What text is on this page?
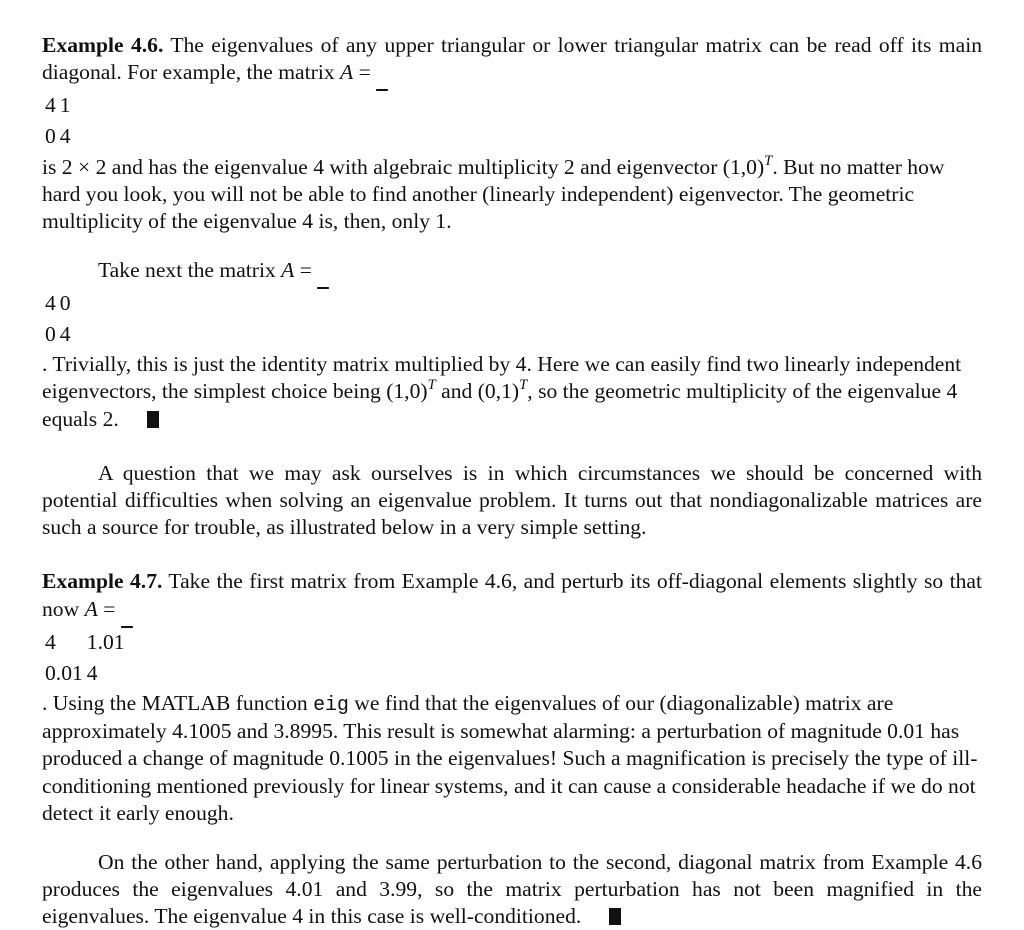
Example 4.6. The eigenvalues of any upper triangular or lower triangular matrix can be read off its main diagonal. For example, the matrix A =

4	1
0	4
is 2 × 2 and has the eigenvalue 4 with algebraic multiplicity 2 and eigenvector $(1,0)^T$. But no matter how hard you look, you will not be able to find another (linearly independent) eigenvector. The geometric multiplicity of the eigenvalue 4 is, then, only 1.

Take next the matrix A =

4	0
0	4
. Trivially, this is just the identity matrix multiplied by 4. Here we can easily find two linearly independent eigenvectors, the simplest choice being $(1,0)^T$ and $(0,1)^T$, so the geometric multiplicity of the eigenvalue 4 equals 2.

A question that we may ask ourselves is in which circumstances we should be concerned with potential difficulties when solving an eigenvalue problem. It turns out that nondiagonalizable matrices are such a source for trouble, as illustrated below in a very simple setting.

Example 4.7. Take the first matrix from Example 4.6, and perturb its off-diagonal elements slightly so that now A =

4	1.01
0.01	4
. Using the MATLAB function eig we find that the eigenvalues of our (diagonalizable) matrix are approximately 4.1005 and 3.8995. This result is somewhat alarming: a perturbation of magnitude 0.01 has produced a change of magnitude 0.1005 in the eigenvalues! Such a magnification is precisely the type of ill-conditioning mentioned previously for linear systems, and it can cause a considerable headache if we do not detect it early enough.

On the other hand, applying the same perturbation to the second, diagonal matrix from Example 4.6 produces the eigenvalues 4.01 and 3.99, so the matrix perturbation has not been magnified in the eigenvalues. The eigenvalue 4 in this case is well-conditioned.
